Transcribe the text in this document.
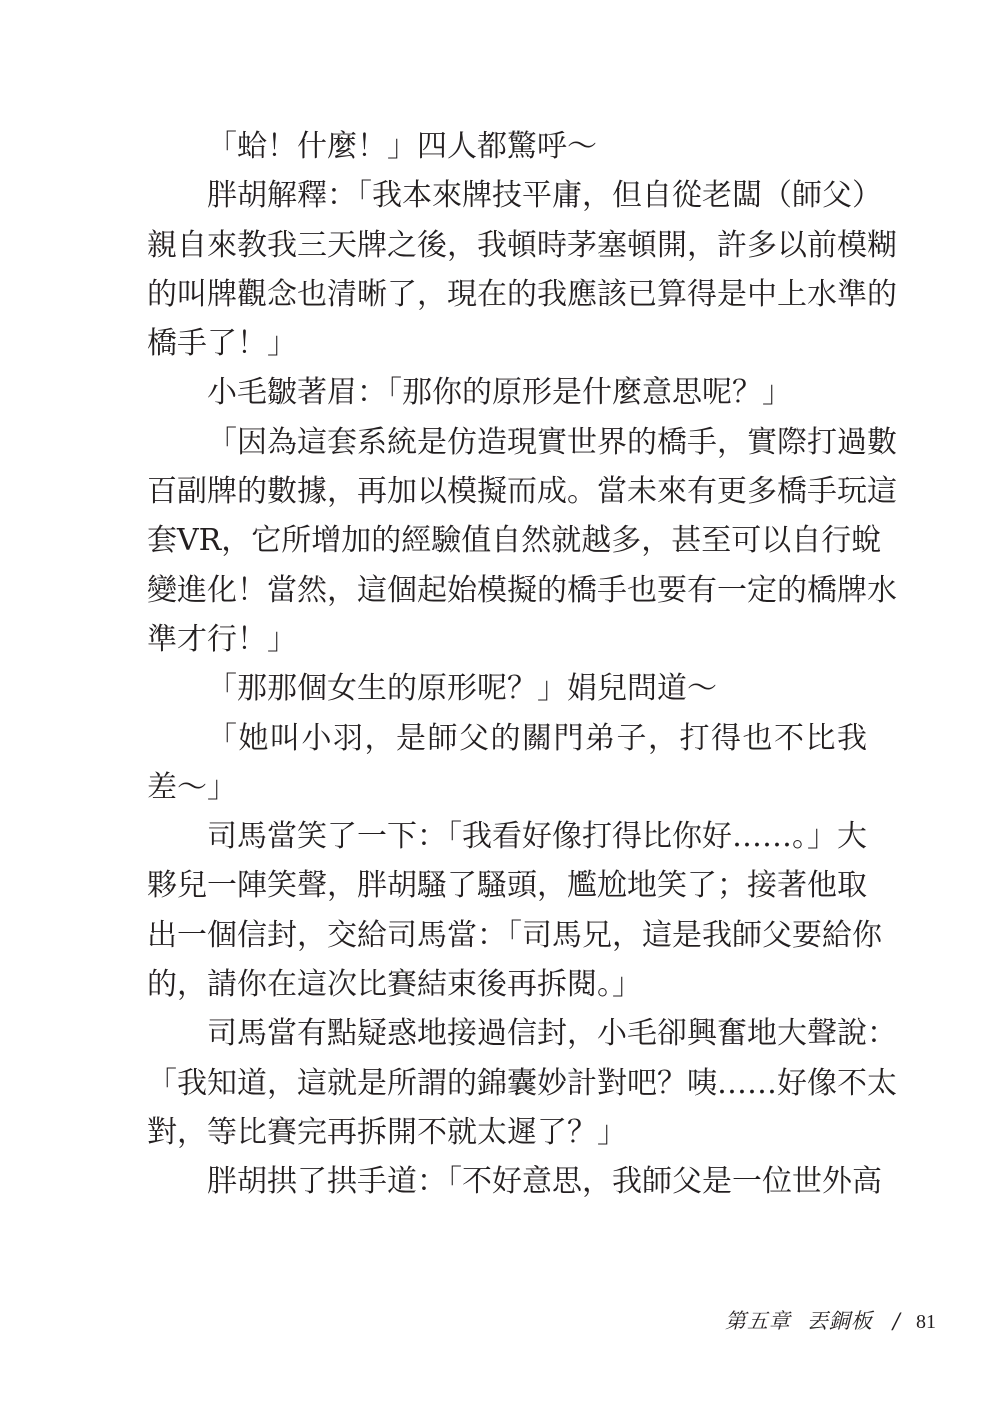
「蛤！什麼！」四人都驚呼～
胖胡解釋：「我本來牌技平庸，但自從老闆（師父）
親自來教我三天牌之後，我頓時茅塞頓開，許多以前模糊
的叫牌觀念也清晰了，現在的我應該已算得是中上水準的
橋手了！」
小毛皺著眉：「那你的原形是什麼意思呢？」
「因為這套系統是仿造現實世界的橋手，實際打過數
百副牌的數據，再加以模擬而成。當未來有更多橋手玩這
套VR，它所增加的經驗值自然就越多，甚至可以自行蛻
變進化！當然，這個起始模擬的橋手也要有一定的橋牌水
準才行！」
「那那個女生的原形呢？」娟兒問道～
「她叫小羽，是師父的關門弟子，打得也不比我
差～」
司馬當笑了一下：「我看好像打得比你好……。」大
夥兒一陣笑聲，胖胡騷了騷頭，尷尬地笑了；接著他取
出一個信封，交給司馬當：「司馬兄，這是我師父要給你
的，請你在這次比賽結束後再拆閱。」
司馬當有點疑惑地接過信封，小毛卻興奮地大聲說：
「我知道，這就是所謂的錦囊妙計對吧？咦……好像不太
對，等比賽完再拆開不就太遲了？」
胖胡拱了拱手道：「不好意思，我師父是一位世外高
第五章 丟銅板 / 81
